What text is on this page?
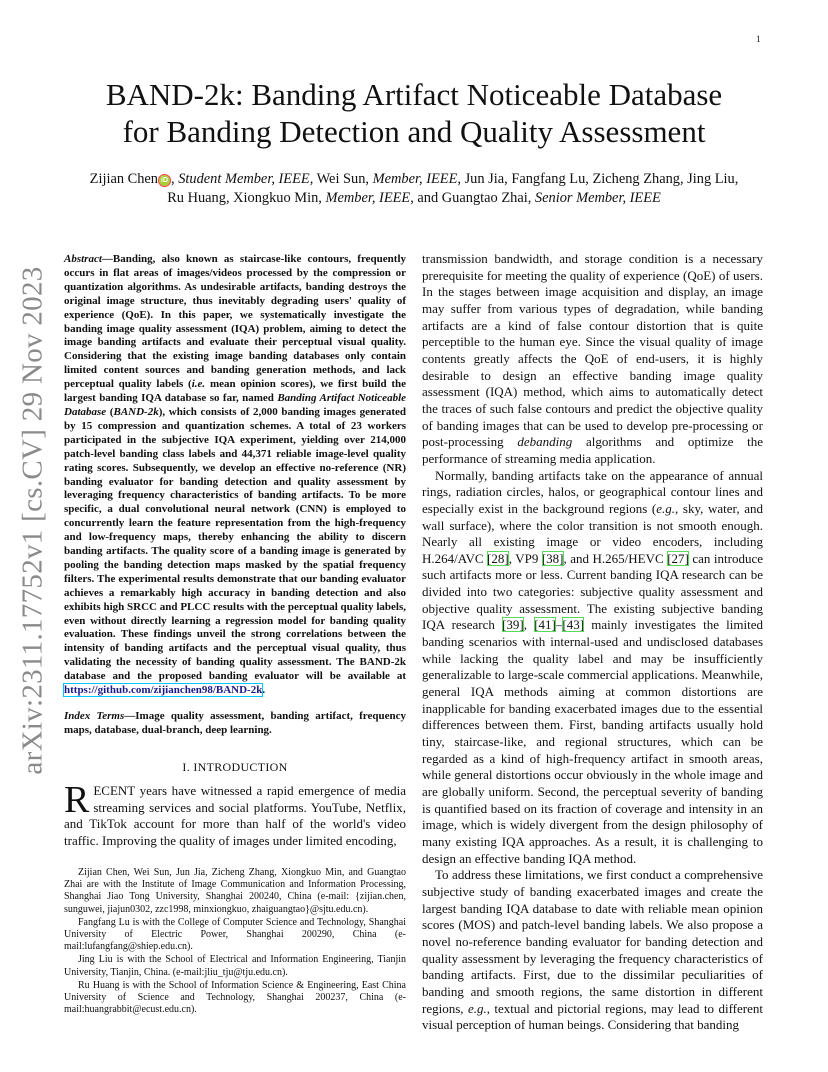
1
arXiv:2311.17752v1 [cs.CV] 29 Nov 2023
BAND-2k: Banding Artifact Noticeable Database
for Banding Detection and Quality Assessment
Zijian Chen iD , Student Member, IEEE, Wei Sun, Member, IEEE, Jun Jia, Fangfang Lu, Zicheng Zhang, Jing Liu,
Ru Huang, Xiongkuo Min, Member, IEEE, and Guangtao Zhai, Senior Member, IEEE

Abstract—Banding, also known as staircase-like contours, frequently occurs in flat areas of images/videos processed by the compression or quantization algorithms. As undesirable artifacts, banding destroys the original image structure, thus inevitably degrading users' quality of experience (QoE). In this paper, we systematically investigate the banding image quality assessment (IQA) problem, aiming to detect the image banding artifacts and evaluate their perceptual visual quality. Considering that the existing image banding databases only contain limited content sources and banding generation methods, and lack perceptual quality labels (i.e. mean opinion scores), we first build the largest banding IQA database so far, named Banding Artifact Noticeable Database (BAND-2k), which consists of 2,000 banding images generated by 15 compression and quantization schemes. A total of 23 workers participated in the subjective IQA experiment, yielding over 214,000 patch-level banding class labels and 44,371 reliable image-level quality rating scores. Subsequently, we develop an effective no-reference (NR) banding evaluator for banding detection and quality assessment by leveraging frequency characteristics of banding artifacts. To be more specific, a dual convolutional neural network (CNN) is employed to concurrently learn the feature representation from the high-frequency and low-frequency maps, thereby enhancing the ability to discern banding artifacts. The quality score of a banding image is generated by pooling the banding detection maps masked by the spatial frequency filters. The experimental results demonstrate that our banding evaluator achieves a remarkably high accuracy in banding detection and also exhibits high SRCC and PLCC results with the perceptual quality labels, even without directly learning a regression model for banding quality evaluation. These findings unveil the strong correlations between the intensity of banding artifacts and the perceptual visual quality, thus validating the necessity of banding quality assessment. The BAND-2k database and the proposed banding evaluator will be available at https://github.com/zijianchen98/BAND-2k.

Index Terms—Image quality assessment, banding artifact, frequency maps, database, dual-branch, deep learning.

I. INTRODUCTION

RECENT years have witnessed a rapid emergence of media streaming services and social platforms. YouTube, Netflix, and TikTok account for more than half of the world's video traffic. Improving the quality of images under limited encoding,

Zijian Chen, Wei Sun, Jun Jia, Zicheng Zhang, Xiongkuo Min, and Guangtao Zhai are with the Institute of Image Communication and Information Processing, Shanghai Jiao Tong University, Shanghai 200240, China (e-mail: {zijian.chen, sunguwei, jiajun0302, zzc1998, minxiongkuo, zhaiguangtao}@sjtu.edu.cn).

Fangfang Lu is with the College of Computer Science and Technology, Shanghai University of Electric Power, Shanghai 200290, China (e-mail:lufangfang@shiep.edu.cn).

Jing Liu is with the School of Electrical and Information Engineering, Tianjin University, Tianjin, China. (e-mail:jliu_tju@tju.edu.cn).

Ru Huang is with the School of Information Science & Engineering, East China University of Science and Technology, Shanghai 200237, China (e-mail:huangrabbit@ecust.edu.cn).

transmission bandwidth, and storage condition is a necessary prerequisite for meeting the quality of experience (QoE) of users. In the stages between image acquisition and display, an image may suffer from various types of degradation, while banding artifacts are a kind of false contour distortion that is quite perceptible to the human eye. Since the visual quality of image contents greatly affects the QoE of end-users, it is highly desirable to design an effective banding image quality assessment (IQA) method, which aims to automatically detect the traces of such false contours and predict the objective quality of banding images that can be used to develop pre-processing or post-processing debanding algorithms and optimize the performance of streaming media application.

Normally, banding artifacts take on the appearance of annual rings, radiation circles, halos, or geographical contour lines and especially exist in the background regions (e.g., sky, water, and wall surface), where the color transition is not smooth enough. Nearly all existing image or video encoders, including H.264/AVC [28], VP9 [38], and H.265/HEVC [27] can introduce such artifacts more or less. Current banding IQA research can be divided into two categories: subjective quality assessment and objective quality assessment. The existing subjective banding IQA research [39], [41]–[43] mainly investigates the limited banding scenarios with internal-used and undisclosed databases while lacking the quality label and may be insufficiently generalizable to large-scale commercial applications. Meanwhile, general IQA methods aiming at common distortions are inapplicable for banding exacerbated images due to the essential differences between them. First, banding artifacts usually hold tiny, staircase-like, and regional structures, which can be regarded as a kind of high-frequency artifact in smooth areas, while general distortions occur obviously in the whole image and are globally uniform. Second, the perceptual severity of banding is quantified based on its fraction of coverage and intensity in an image, which is widely divergent from the design philosophy of many existing IQA approaches. As a result, it is challenging to design an effective banding IQA method.

To address these limitations, we first conduct a comprehensive subjective study of banding exacerbated images and create the largest banding IQA database to date with reliable mean opinion scores (MOS) and patch-level banding labels. We also propose a novel no-reference banding evaluator for banding detection and quality assessment by leveraging the frequency characteristics of banding artifacts. First, due to the dissimilar peculiarities of banding and smooth regions, the same distortion in different regions, e.g., textual and pictorial regions, may lead to different visual perception of human beings. Considering that banding
